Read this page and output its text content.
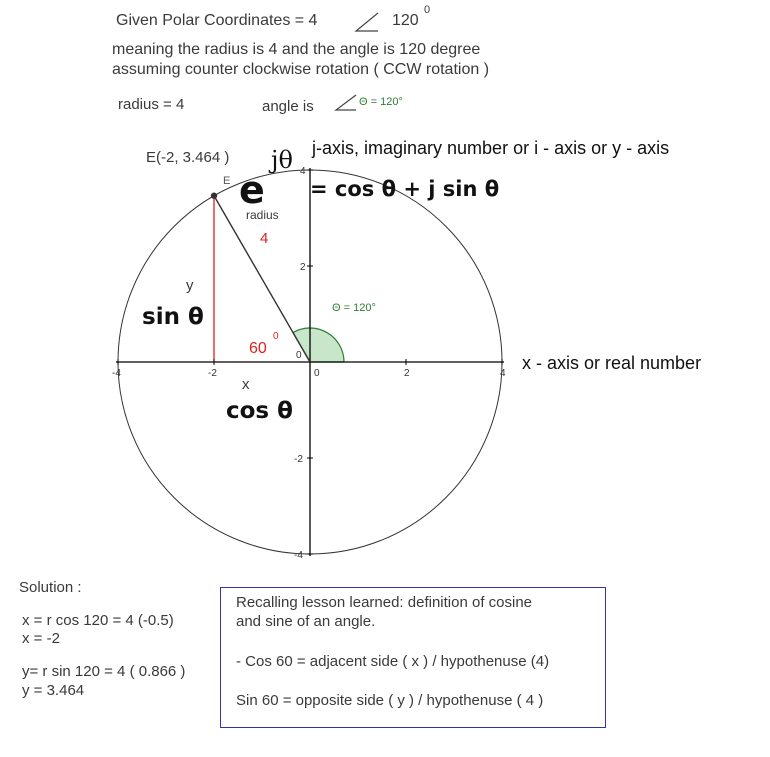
Given Polar Coordinates = 4	120
0
meaning the radius is 4 and the angle is 120 degree
assuming counter clockwise rotation ( CCW rotation )
radius = 4	angle is	Θ = 120°
-4	-2	0	2	4
4
2
0
-2
-4
E(-2, 3.464 )
E e
jθ
= cos θ + j sin θ
j-axis, imaginary number or i - axis or y - axis
x - axis or real number
radius
4
Θ = 120°
60
0
y
x
sin θ
cos θ
Solution :
x = r cos 120 = 4 (-0.5)
x = -2
y= r sin 120 = 4 ( 0.866 )
y = 3.464
Recalling lesson learned: definition of cosine
and sine of an angle.
- Cos 60 = adjacent side ( x ) / hypothenuse (4)
Sin 60 = opposite side ( y ) / hypothenuse ( 4 )
